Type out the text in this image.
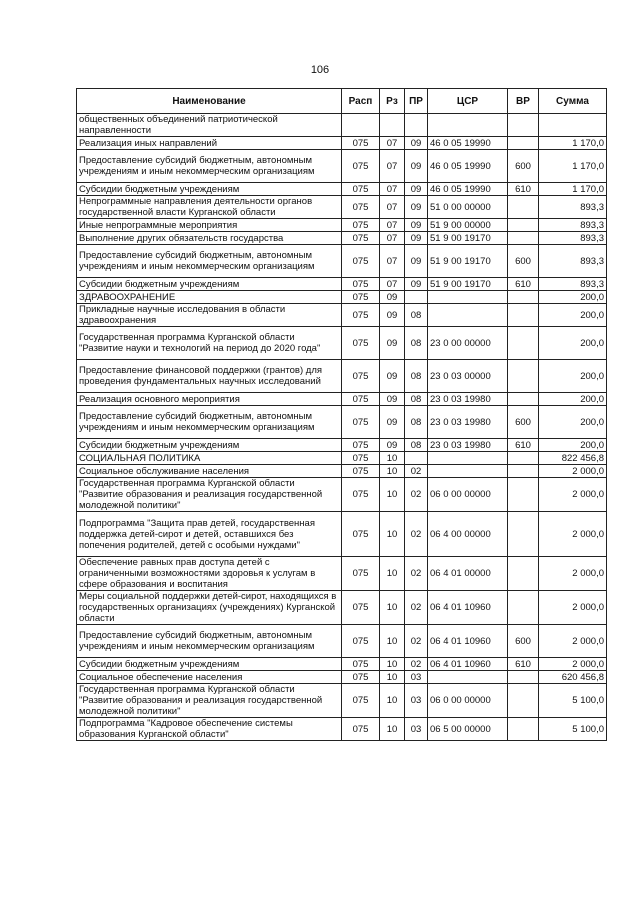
106
Наименование	Расп	Рз	ПР	ЦСР	ВР	Сумма
общественных объединений патриотической направленности						
Реализация иных направлений	075	07	09	46 0 05 19990		1 170,0
Предоставление субсидий бюджетным, автономным учреждениям и иным некоммерческим организациям	075	07	09	46 0 05 19990	600	1 170,0
Субсидии бюджетным учреждениям	075	07	09	46 0 05 19990	610	1 170,0
Непрограммные направления деятельности органов государственной власти Курганской области	075	07	09	51 0 00 00000		893,3
Иные непрограммные мероприятия	075	07	09	51 9 00 00000		893,3
Выполнение других обязательств государства	075	07	09	51 9 00 19170		893,3
Предоставление субсидий бюджетным, автономным учреждениям и иным некоммерческим организациям	075	07	09	51 9 00 19170	600	893,3
Субсидии бюджетным учреждениям	075	07	09	51 9 00 19170	610	893,3
ЗДРАВООХРАНЕНИЕ	075	09				200,0
Прикладные научные исследования в области здравоохранения	075	09	08			200,0
Государственная программа Курганской области "Развитие науки и технологий на период до 2020 года"	075	09	08	23 0 00 00000		200,0
Предоставление финансовой поддержки (грантов) для проведения фундаментальных научных исследований	075	09	08	23 0 03 00000		200,0
Реализация основного мероприятия	075	09	08	23 0 03 19980		200,0
Предоставление субсидий бюджетным, автономным учреждениям и иным некоммерческим организациям	075	09	08	23 0 03 19980	600	200,0
Субсидии бюджетным учреждениям	075	09	08	23 0 03 19980	610	200,0
СОЦИАЛЬНАЯ ПОЛИТИКА	075	10				822 456,8
Социальное обслуживание населения	075	10	02			2 000,0
Государственная программа Курганской области "Развитие образования и реализация государственной молодежной политики"	075	10	02	06 0 00 00000		2 000,0
Подпрограмма "Защита прав детей, государственная поддержка детей-сирот и детей, оставшихся без попечения родителей, детей с особыми нуждами"	075	10	02	06 4 00 00000		2 000,0
Обеспечение равных прав доступа детей с ограниченными возможностями здоровья к услугам в сфере образования и воспитания	075	10	02	06 4 01 00000		2 000,0
Меры социальной поддержки детей-сирот, находящихся в государственных организациях (учреждениях) Курганской области	075	10	02	06 4 01 10960		2 000,0
Предоставление субсидий бюджетным, автономным учреждениям и иным некоммерческим организациям	075	10	02	06 4 01 10960	600	2 000,0
Субсидии бюджетным учреждениям	075	10	02	06 4 01 10960	610	2 000,0
Социальное обеспечение населения	075	10	03			620 456,8
Государственная программа Курганской области "Развитие образования и реализация государственной молодежной политики"	075	10	03	06 0 00 00000		5 100,0
Подпрограмма "Кадровое обеспечение системы образования Курганской области"	075	10	03	06 5 00 00000		5 100,0
